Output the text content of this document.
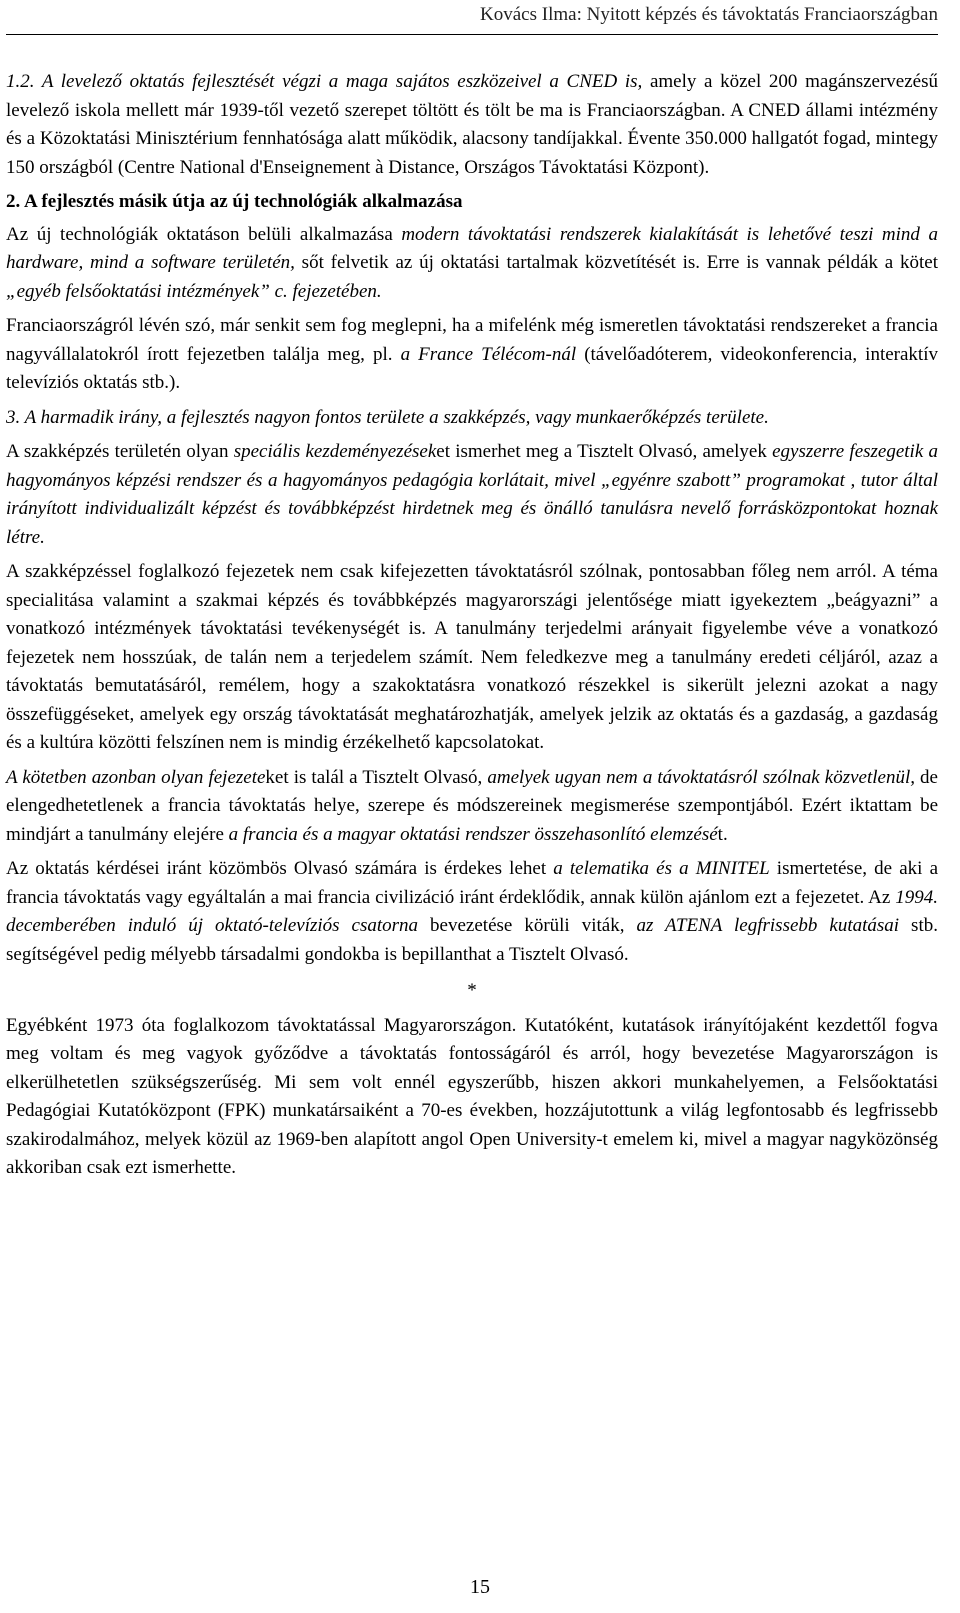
Kovács Ilma: Nyitott képzés és távoktatás Franciaországban

1.2. A levelező oktatás fejlesztését végzi a maga sajátos eszközeivel a CNED is, amely a közel 200 magánszervezésű levelező iskola mellett már 1939-től vezető szerepet töltött és tölt be ma is Franciaországban. A CNED állami intézmény és a Közoktatási Minisztérium fennhatósága alatt működik, alacsony tandíjakkal. Évente 350.000 hallgatót fogad, mintegy 150 országból (Centre National d'Enseignement à Distance, Országos Távoktatási Központ).

2. A fejlesztés másik útja az új technológiák alkalmazása

Az új technológiák oktatáson belüli alkalmazása modern távoktatási rendszerek kialakítását is lehetővé teszi mind a hardware, mind a software területén, sőt felvetik az új oktatási tartalmak közvetítését is. Erre is vannak példák a kötet „egyéb felsőoktatási intézmények” c. fejezetében.

Franciaországról lévén szó, már senkit sem fog meglepni, ha a mifelénk még ismeretlen távoktatási rendszereket a francia nagyvállalatokról írott fejezetben találja meg, pl. a France Télécom-nál (távelőadóterem, videokonferencia, interaktív televíziós oktatás stb.).

3. A harmadik irány, a fejlesztés nagyon fontos területe a szakképzés, vagy munkaerőképzés területe.

A szakképzés területén olyan speciális kezdeményezéseket ismerhet meg a Tisztelt Olvasó, amelyek egyszerre feszegetik a hagyományos képzési rendszer és a hagyományos pedagógia korlátait, mivel „egyénre szabott” programokat , tutor által irányított individualizált képzést és továbbképzést hirdetnek meg és önálló tanulásra nevelő forrásközpontokat hoznak létre.

A szakképzéssel foglalkozó fejezetek nem csak kifejezetten távoktatásról szólnak, pontosabban főleg nem arról. A téma specialitása valamint a szakmai képzés és továbbképzés magyarországi jelentősége miatt igyekeztem „beágyazni” a vonatkozó intézmények távoktatási tevékenységét is. A tanulmány terjedelmi arányait figyelembe véve a vonatkozó fejezetek nem hosszúak, de talán nem a terjedelem számít. Nem feledkezve meg a tanulmány eredeti céljáról, azaz a távoktatás bemutatásáról, remélem, hogy a szakoktatásra vonatkozó részekkel is sikerült jelezni azokat a nagy összefüggéseket, amelyek egy ország távoktatását meghatározhatják, amelyek jelzik az oktatás és a gazdaság, a gazdaság és a kultúra közötti felszínen nem is mindig érzékelhető kapcsolatokat.

A kötetben azonban olyan fejezeteket is talál a Tisztelt Olvasó, amelyek ugyan nem a távoktatásról szólnak közvetlenül, de elengedhetetlenek a francia távoktatás helye, szerepe és módszereinek megismerése szempontjából. Ezért iktattam be mindjárt a tanulmány elejére a francia és a magyar oktatási rendszer összehasonlító elemzését.

Az oktatás kérdései iránt közömbös Olvasó számára is érdekes lehet a telematika és a MINITEL ismertetése, de aki a francia távoktatás vagy egyáltalán a mai francia civilizáció iránt érdeklődik, annak külön ajánlom ezt a fejezetet. Az 1994. decemberében induló új oktató-televíziós csatorna bevezetése körüli viták, az ATENA legfrissebb kutatásai stb. segítségével pedig mélyebb társadalmi gondokba is bepillanthat a Tisztelt Olvasó.

*

Egyébként 1973 óta foglalkozom távoktatással Magyarországon. Kutatóként, kutatások irányítójaként kezdettől fogva meg voltam és meg vagyok győződve a távoktatás fontosságáról és arról, hogy bevezetése Magyarországon is elkerülhetetlen szükségszerűség. Mi sem volt ennél egyszerűbb, hiszen akkori munkahelyemen, a Felsőoktatási Pedagógiai Kutatóközpont (FPK) munkatársaiként a 70-es években, hozzájutottunk a világ legfontosabb és legfrissebb szakirodalmához, melyek közül az 1969-ben alapított angol Open University-t emelem ki, mivel a magyar nagyközönség akkoriban csak ezt ismerhette.

15
